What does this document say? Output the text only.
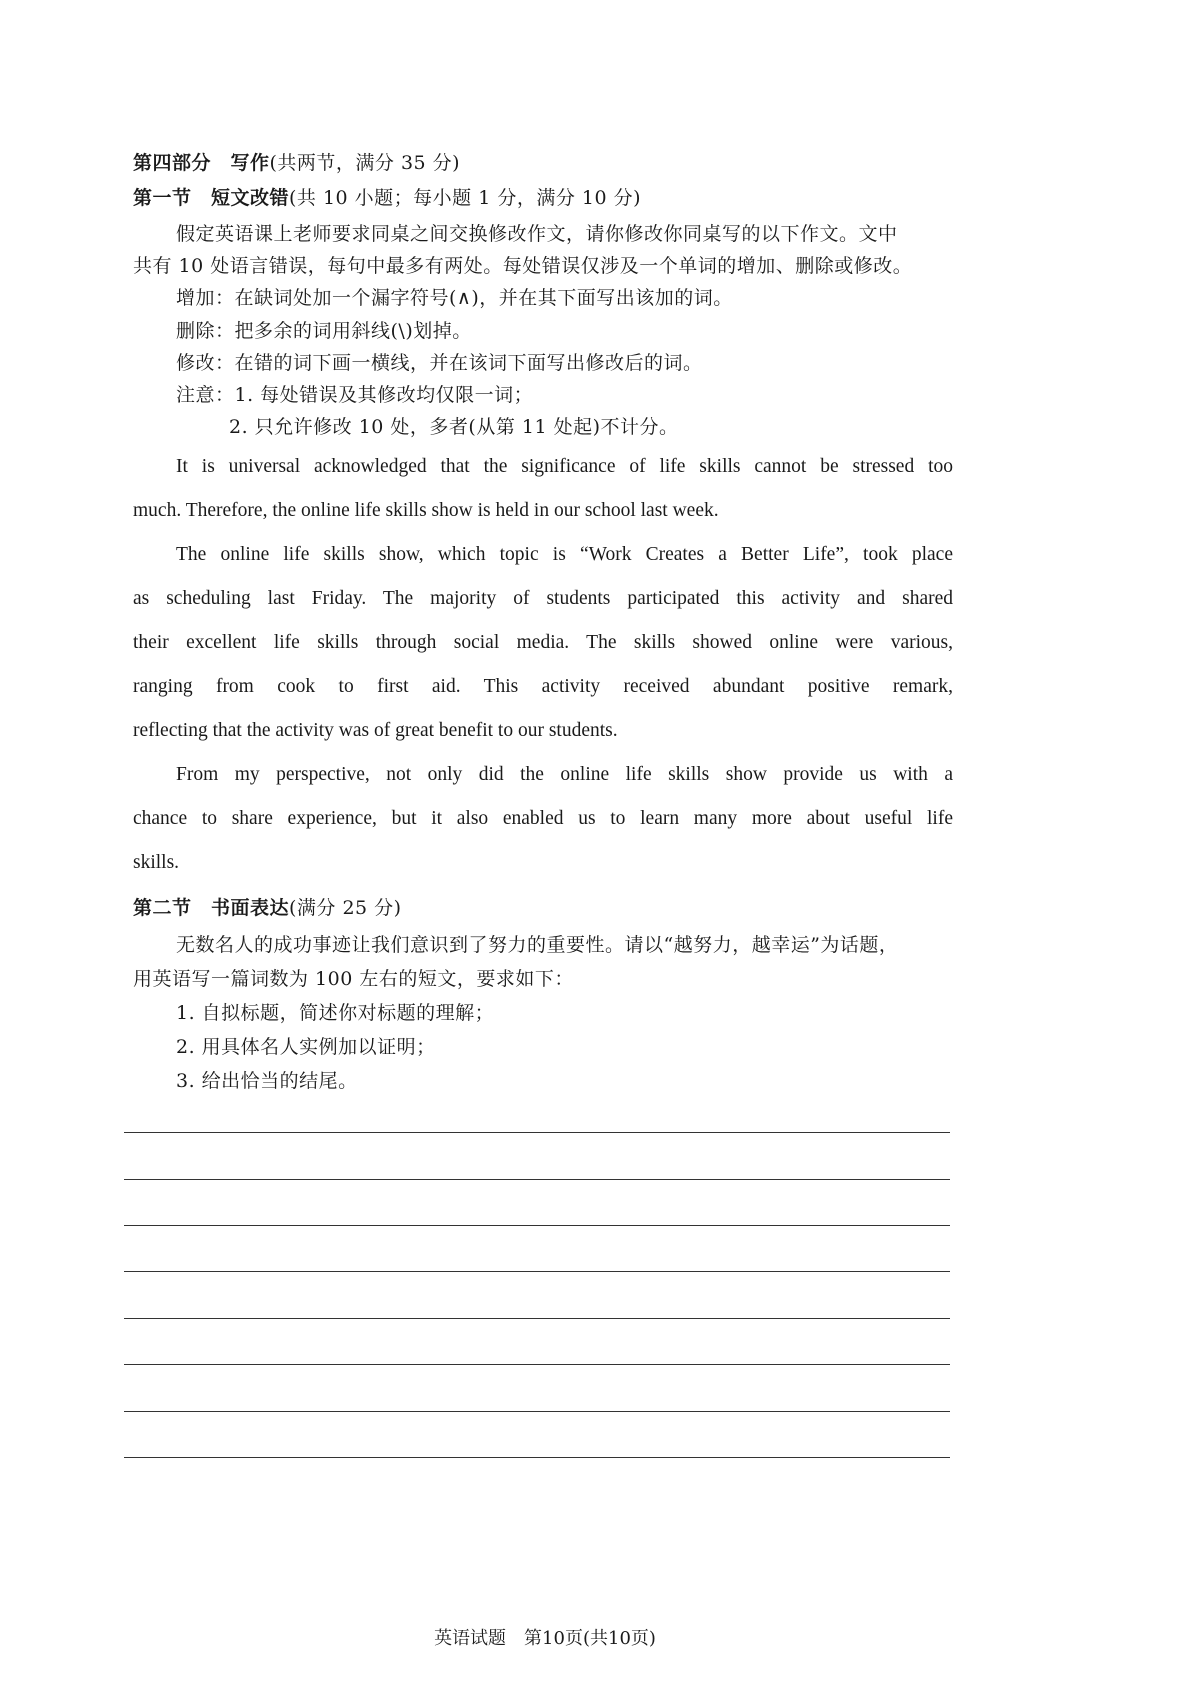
第四部分　写作(共两节，满分 35 分)
第一节　短文改错(共 10 小题；每小题 1 分，满分 10 分)
假定英语课上老师要求同桌之间交换修改作文，请你修改你同桌写的以下作文。文中
共有 10 处语言错误，每句中最多有两处。每处错误仅涉及一个单词的增加、删除或修改。
增加：在缺词处加一个漏字符号(∧)，并在其下面写出该加的词。
删除：把多余的词用斜线(\)划掉。
修改：在错的词下画一横线，并在该词下面写出修改后的词。
注意：1. 每处错误及其修改均仅限一词；
2. 只允许修改 10 处，多者(从第 11 处起)不计分。
It is universal acknowledged that the significance of life skills cannot be stressed too
much. Therefore, the online life skills show is held in our school last week.
The online life skills show, which topic is “Work Creates a Better Life”, took place
as scheduling last Friday. The majority of students participated this activity and shared
their excellent life skills through social media. The skills showed online were various,
ranging from cook to first aid. This activity received abundant positive remark,
reflecting that the activity was of great benefit to our students.
From my perspective, not only did the online life skills show provide us with a
chance to share experience, but it also enabled us to learn many more about useful life
skills.
第二节　书面表达(满分 25 分)
无数名人的成功事迹让我们意识到了努力的重要性。请以“越努力，越幸运”为话题，
用英语写一篇词数为 100 左右的短文，要求如下：
1. 自拟标题，简述你对标题的理解；
2. 用具体名人实例加以证明；
3. 给出恰当的结尾。
英语试题　第10页(共10页)
